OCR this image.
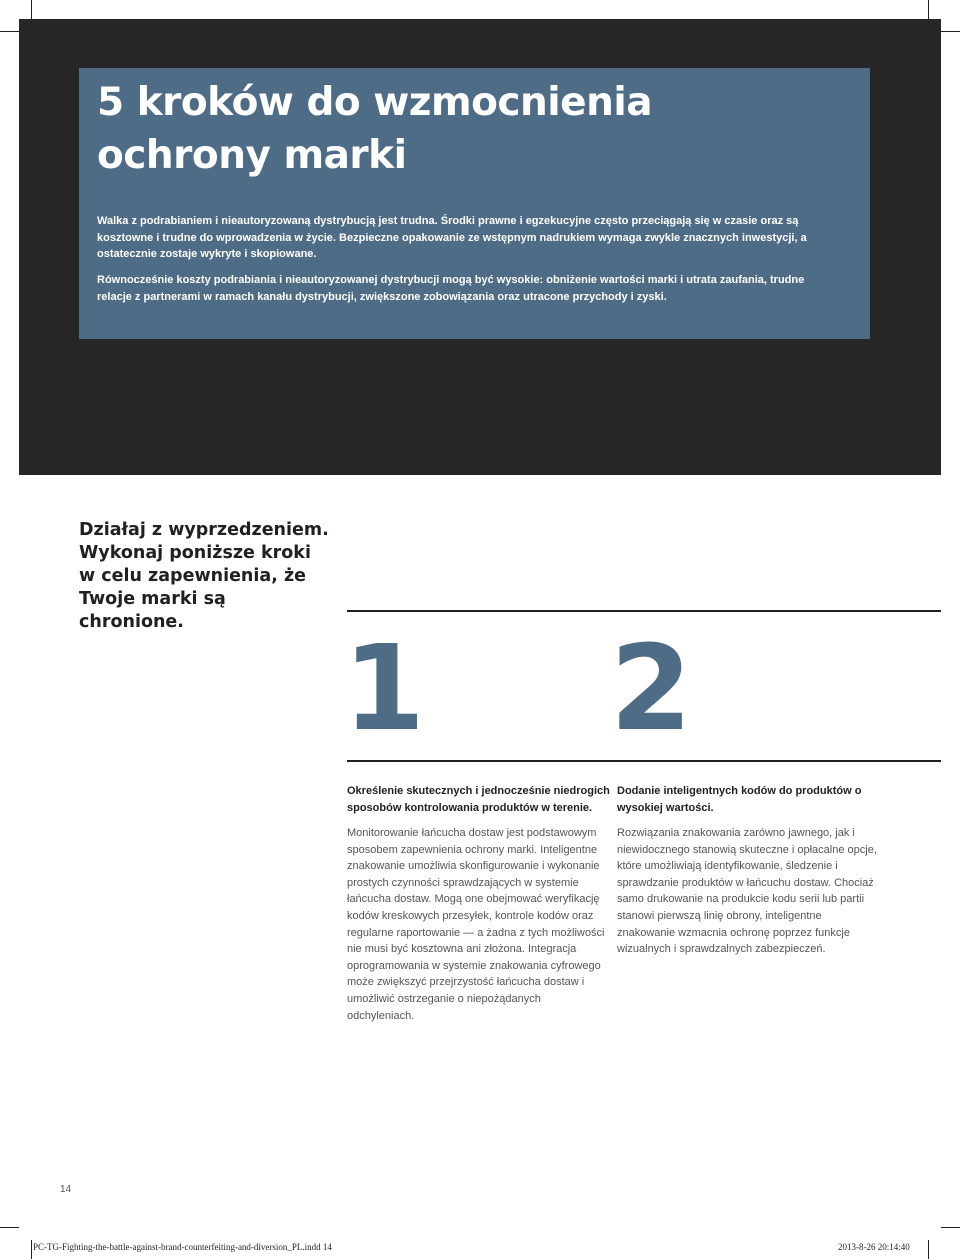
5 kroków do wzmocnienia ochrony marki

Walka z podrabianiem i nieautoryzowaną dystrybucją jest trudna. Środki prawne i egzekucyjne często przeciągają się w czasie oraz są kosztowne i trudne do wprowadzenia w życie. Bezpieczne opakowanie ze wstępnym nadrukiem wymaga zwykle znacznych inwestycji, a ostatecznie zostaje wykryte i skopiowane.

Równocześnie koszty podrabiania i nieautoryzowanej dystrybucji mogą być wysokie: obniżenie wartości marki i utrata zaufania, trudne relacje z partnerami w ramach kanału dystrybucji, zwiększone zobowiązania oraz utracone przychody i zyski.

Działaj z wyprzedzeniem. Wykonaj poniższe kroki w celu zapewnienia, że Twoje marki są chronione.	1

Określenie skutecznych i jednocześnie niedrogich sposobów kontrolowania produktów w terenie.

Monitorowanie łańcucha dostaw jest podstawowym sposobem zapewnienia ochrony marki. Inteligentne znakowanie umożliwia skonfigurowanie i wykonanie prostych czynności sprawdzających w systemie łańcucha dostaw. Mogą one obejmować weryfikację kodów kreskowych przesyłek, kontrole kodów oraz regularne raportowanie — a żadna z tych możliwości nie musi być kosztowna ani złożona. Integracja oprogramowania w systemie znakowania cyfrowego może zwiększyć przejrzystość łańcucha dostaw i umożliwić ostrzeganie o niepożądanych odchyleniach.

2

Dodanie inteligentnych kodów do produktów o wysokiej wartości.

Rozwiązania znakowania zarówno jawnego, jak i niewidocznego stanowią skuteczne i opłacalne opcje, które umożliwiają identyfikowanie, śledzenie i sprawdzanie produktów w łańcuchu dostaw. Chociaż samo drukowanie na produkcie kodu serii lub partii stanowi pierwszą linię obrony, inteligentne znakowanie wzmacnia ochronę poprzez funkcje wizualnych i sprawdzalnych zabezpieczeń.

14
PC-TG-Fighting-the-battle-against-brand-counterfeiting-and-diversion_PL.indd 14	2013-8-26 20:14:40
